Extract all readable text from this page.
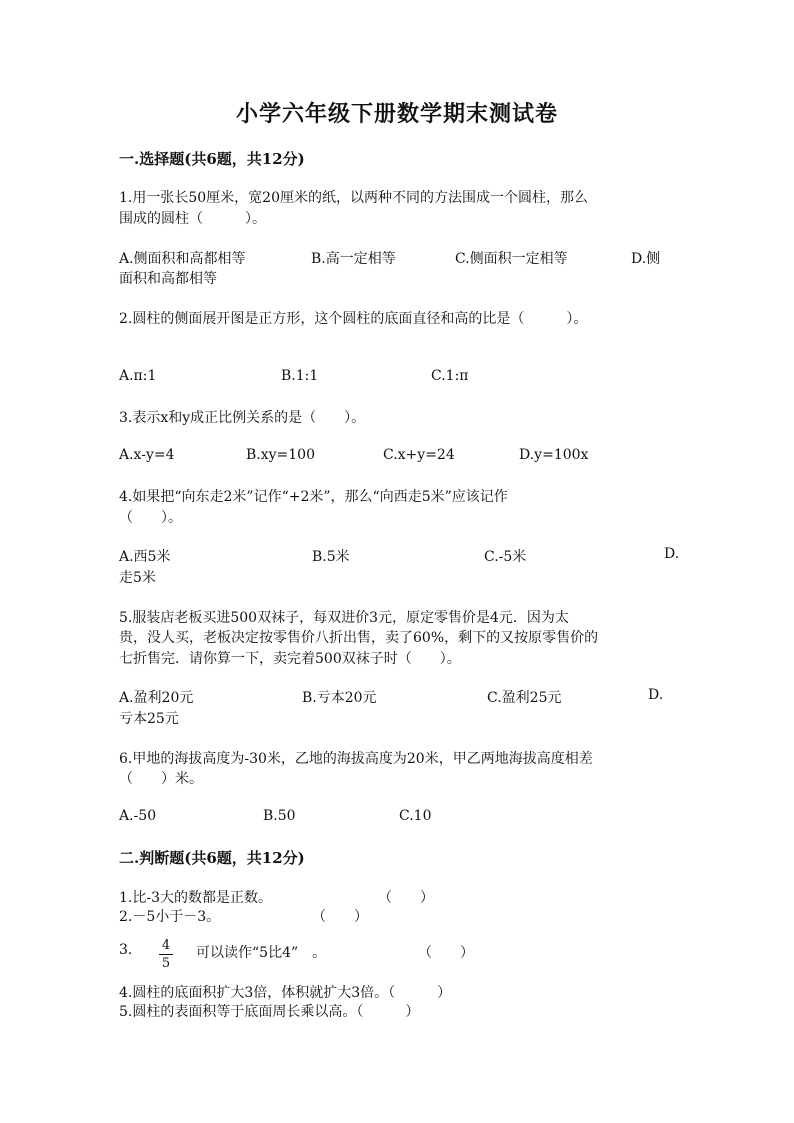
小学六年级下册数学期末测试卷
一.选择题(共6题，共12分)
1.用一张长50厘米，宽20厘米的纸，以两种不同的方法围成一个圆柱，那么
围成的圆柱（　　　）。
A.侧面积和高都相等	B.高一定相等	C.侧面积一定相等	D.侧
面积和高都相等
2.圆柱的侧面展开图是正方形，这个圆柱的底面直径和高的比是（　　　）。
A.π:1	B.1:1	C.1:π
3.表示x和y成正比例关系的是（　　）。
A.x-y=4	B.xy=100	C.x+y=24	D.y=100x
4.如果把“向东走2米”记作“+2米”，那么“向西走5米”应该记作
（　　）。
A.西5米	B.5米	C.-5米	D.
走5米
5.服装店老板买进500双袜子，每双进价3元，原定零售价是4元．因为太
贵，没人买，老板决定按零售价八折出售，卖了60%，剩下的又按原零售价的
七折售完．请你算一下，卖完着500双袜子时（　　）。
A.盈利20元	B.亏本20元	C.盈利25元	D.
亏本25元
6.甲地的海拔高度为-30米，乙地的海拔高度为20米，甲乙两地海拔高度相差
（　　）米。
A.-50	B.50	C.10
二.判断题(共6题，共12分)
1.比-3大的数都是正数。	（　　）
2.－5小于－3。	（　　）
3. 4
5
可以读作“5比4”　。	（　　）
4.圆柱的底面积扩大3倍，体积就扩大3倍。（　　　）
5.圆柱的表面积等于底面周长乘以高。（　　　）
